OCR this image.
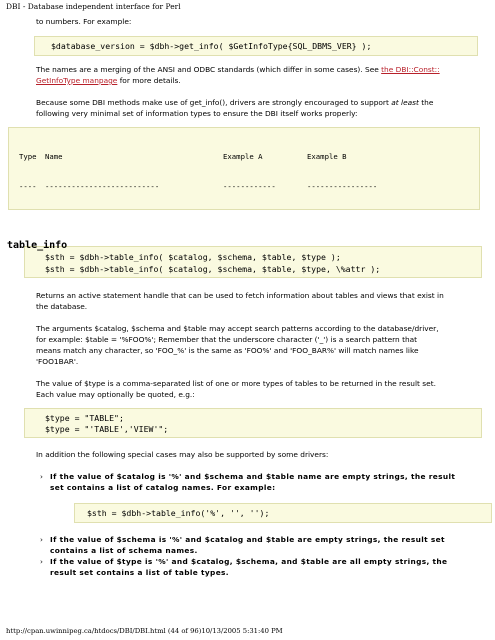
DBI - Database independent interface for Perl

to numbers. For example:

$database_version = $dbh->get_info( $GetInfoType{SQL_DBMS_VER} );

The names are a merging of the ANSI and ODBC standards (which differ in some cases). See the DBI::Const::
GetInfoType manpage for more details.

Because some DBI methods make use of get_info(), drivers are strongly encouraged to support at least the
following very minimal set of information types to ensure the DBI itself works properly:

Type	Name	Example A	Example B

----	--------------------------	------------	----------------

$sth = $dbh->table_info( $catalog, $schema, $table, $type );
$sth = $dbh->table_info( $catalog, $schema, $table, $type, \%attr );

Returns an active statement handle that can be used to fetch information about tables and views that exist in
the database.

The arguments $catalog, $schema and $table may accept search patterns according to the database/driver,
for example: $table = '%FOO%'; Remember that the underscore character ('_') is a search pattern that
means match any character, so 'FOO_%' is the same as 'FOO%' and 'FOO_BAR%' will match names like
'FOO1BAR'.

The value of $type is a comma-separated list of one or more types of tables to be returned in the result set.
Each value may optionally be quoted, e.g.:

$type = "TABLE";
$type = "'TABLE','VIEW'";

In addition the following special cases may also be supported by some drivers:

› If the value of $catalog is '%' and $schema and $table name are empty strings, the result
set contains a list of catalog names. For example:
$sth = $dbh->table_info('%', '', '');
› If the value of $schema is '%' and $catalog and $table are empty strings, the result set
contains a list of schema names.
› If the value of $type is '%' and $catalog, $schema, and $table are all empty strings, the
result set contains a list of table types.
table_info
http://cpan.uwinnipeg.ca/htdocs/DBI/DBI.html (44 of 96)10/13/2005 5:31:40 PM
